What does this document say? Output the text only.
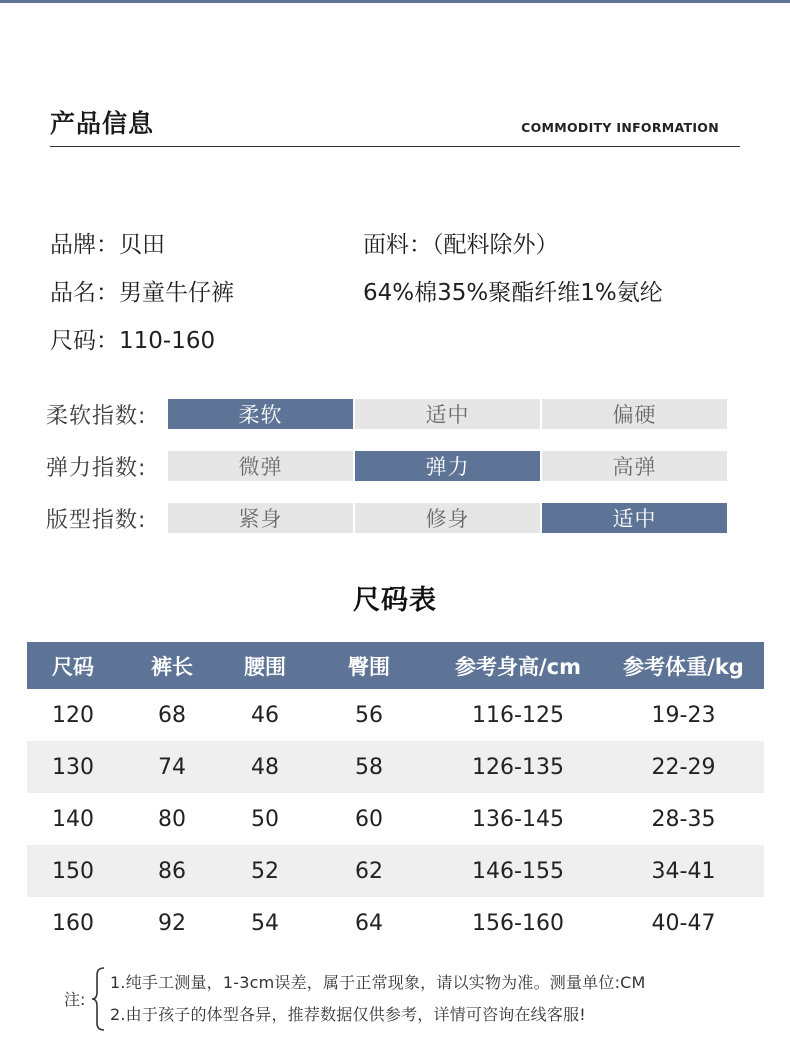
产品信息	COMMODITY INFORMATION
品牌：贝田
品名：男童牛仔裤
尺码：110-160
面料：（配料除外）
64%棉35%聚酯纤维1%氨纶
柔软指数:	柔软	适中	偏硬
弹力指数:	微弹	弹力	高弹
版型指数:	紧身	修身	适中
尺码表
尺码	裤长	腰围	臀围	参考身高/cm	参考体重/kg
120	68	46	56	116-125	19-23
130	74	48	58	126-135	22-29
140	80	50	60	136-145	28-35
150	86	52	62	146-155	34-41
160	92	54	64	156-160	40-47
注:
1.纯手工测量，1-3cm误差，属于正常现象，请以实物为准。测量单位:CM
2.由于孩子的体型各异，推荐数据仅供参考，详情可咨询在线客服!
